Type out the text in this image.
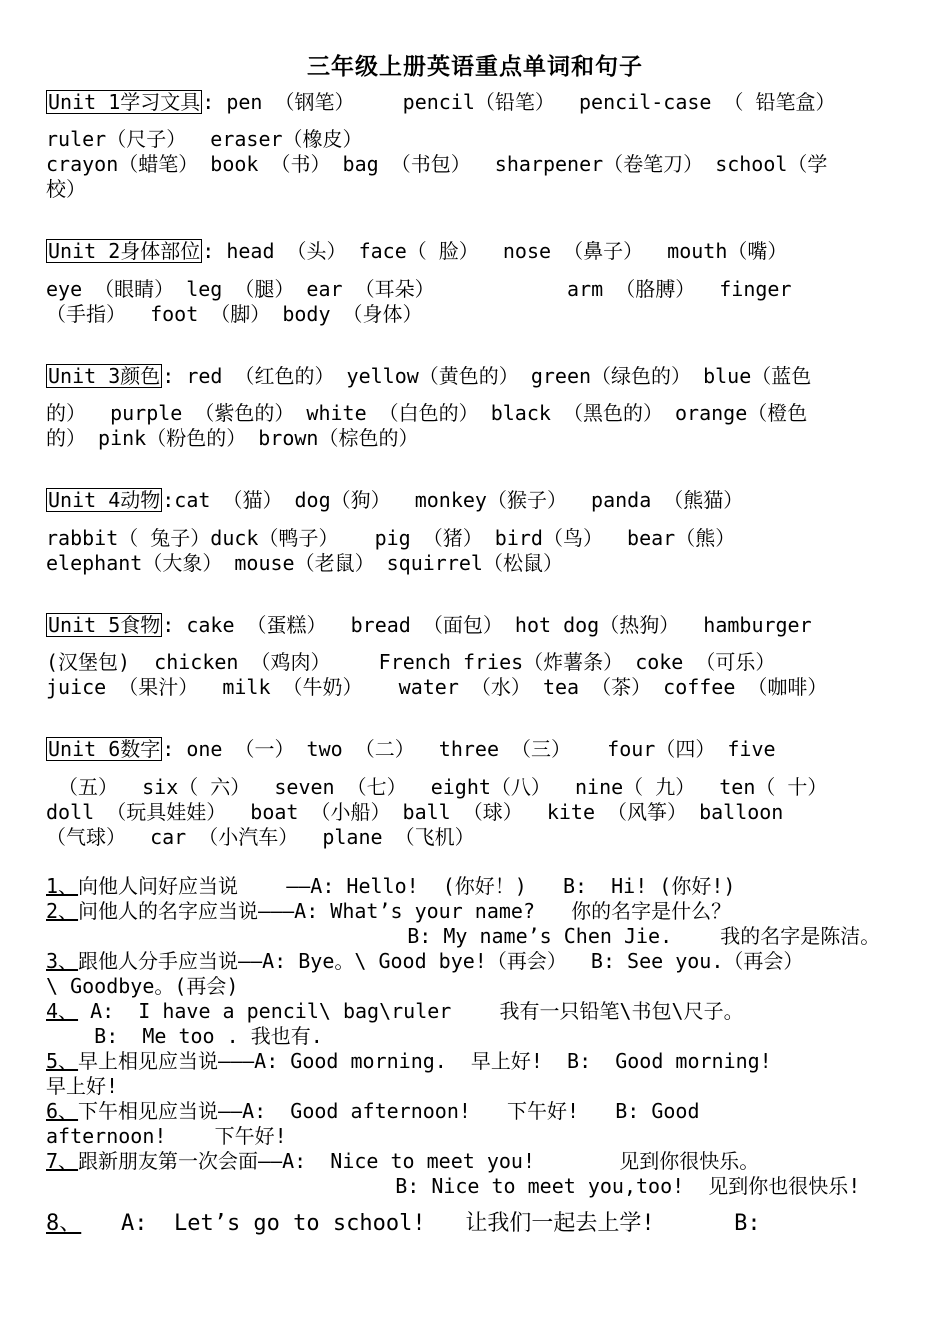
三年级上册英语重点单词和句子
Unit 1学习文具 : pen （钢笔）    pencil（铅笔）  pencil-case （ 铅笔盒）
ruler（尺子）  eraser（橡皮）
crayon（蜡笔） book （书） bag （书包）  sharpener（卷笔刀） school（学
校）
Unit 2身体部位 : head （头） face（ 脸）  nose （鼻子）  mouth（嘴）
eye （眼睛） leg （腿） ear （耳朵）           arm （胳膊）  finger
（手指）  foot （脚） body （身体）
Unit 3颜色 : red （红色的） yellow（黄色的） green（绿色的） blue（蓝色
的）  purple （紫色的） white （白色的） black （黑色的） orange（橙色
的） pink（粉色的） brown（棕色的）
Unit 4动物 :cat （猫） dog（狗）  monkey（猴子）  panda （熊猫）
rabbit（ 兔子）duck（鸭子）   pig （猪） bird（鸟）  bear（熊）
elephant（大象） mouse（老鼠） squirrel（松鼠）
Unit 5食物 : cake （蛋糕）  bread （面包） hot dog（热狗）  hamburger
(汉堡包)  chicken （鸡肉）    French fries（炸薯条） coke （可乐）
juice （果汁）  milk （牛奶）   water （水） tea （茶） coffee （咖啡）
Unit 6数字 : one （一） two （二）  three （三）   four（四） five
（五）  six（ 六）  seven （七）  eight（八）  nine（ 九）  ten（ 十）
doll （玩具娃娃）  boat （小船） ball （球）  kite （风筝） balloon
（气球）  car （小汽车）  plane （飞机）
1、向他人问好应当说    ——A: Hello!  (你好！)   B:  Hi! (你好!)
2、问他人的名字应当说———A: What’s your name?   你的名字是什么？
B: My name’s Chen Jie.    我的名字是陈洁。
3、跟他人分手应当说——A: Bye。\ Good bye!（再会）  B: See you.（再会）
\ Goodbye。(再会)
4、 A:  I have a pencil\ bag\ruler    我有一只铅笔\书包\尺子。
B:  Me too . 我也有.
5、早上相见应当说———A: Good morning.  早上好!  B:  Good morning!
早上好!
6、下午相见应当说——A:  Good afternoon!   下午好!   B: Good
afternoon!    下午好!
7、跟新朋友第一次会面——A:  Nice to meet you!       见到你很快乐。
B: Nice to meet you,too!  见到你也很快乐!
8、   A:  Let’s go to school!   让我们一起去上学!      B:
